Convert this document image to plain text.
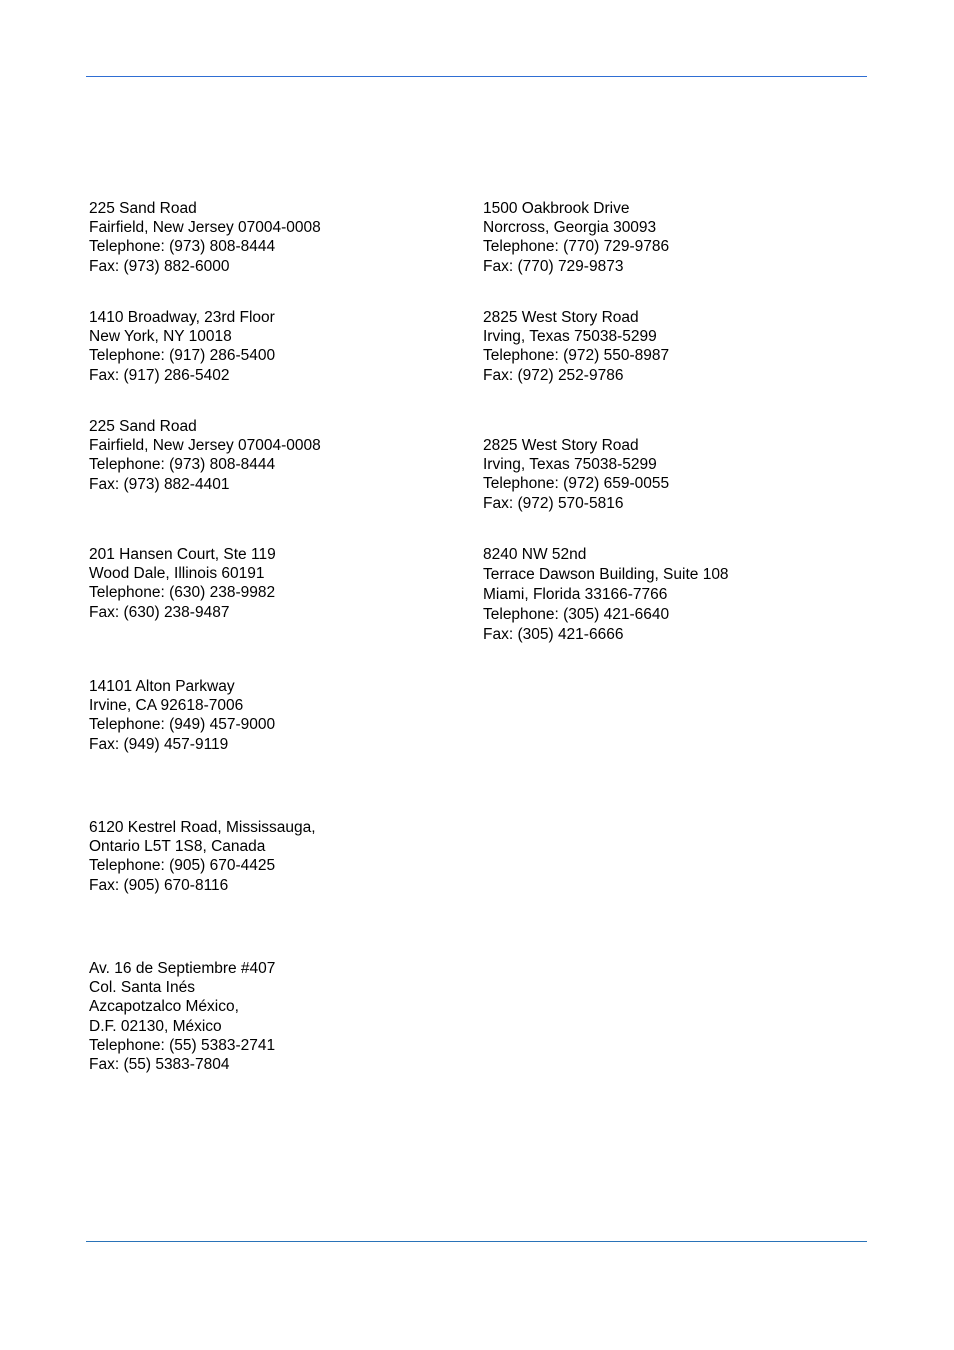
225 Sand Road
Fairfield, New Jersey 07004-0008
Telephone: (973) 808-8444
Fax: (973) 882-6000
1410 Broadway, 23rd Floor
New York, NY 10018
Telephone: (917) 286-5400
Fax: (917) 286-5402
225 Sand Road
Fairfield, New Jersey 07004-0008
Telephone: (973) 808-8444
Fax: (973) 882-4401
201 Hansen Court, Ste 119
Wood Dale, Illinois 60191
Telephone: (630) 238-9982
Fax: (630) 238-9487
14101 Alton Parkway
Irvine, CA 92618-7006
Telephone: (949) 457-9000
Fax: (949) 457-9119
6120 Kestrel Road, Mississauga,
Ontario L5T 1S8, Canada
Telephone: (905) 670-4425
Fax: (905) 670-8116
Av. 16 de Septiembre #407
Col. Santa Inés
Azcapotzalco México,
D.F. 02130, México
Telephone: (55) 5383-2741
Fax: (55) 5383-7804
1500 Oakbrook Drive
Norcross, Georgia 30093
Telephone: (770) 729-9786
Fax: (770) 729-9873
2825 West Story Road
Irving, Texas 75038-5299
Telephone: (972) 550-8987
Fax: (972) 252-9786
2825 West Story Road
Irving, Texas 75038-5299
Telephone: (972) 659-0055
Fax: (972) 570-5816
8240 NW 52nd
Terrace Dawson Building, Suite 108
Miami, Florida 33166-7766
Telephone: (305) 421-6640
Fax: (305) 421-6666
